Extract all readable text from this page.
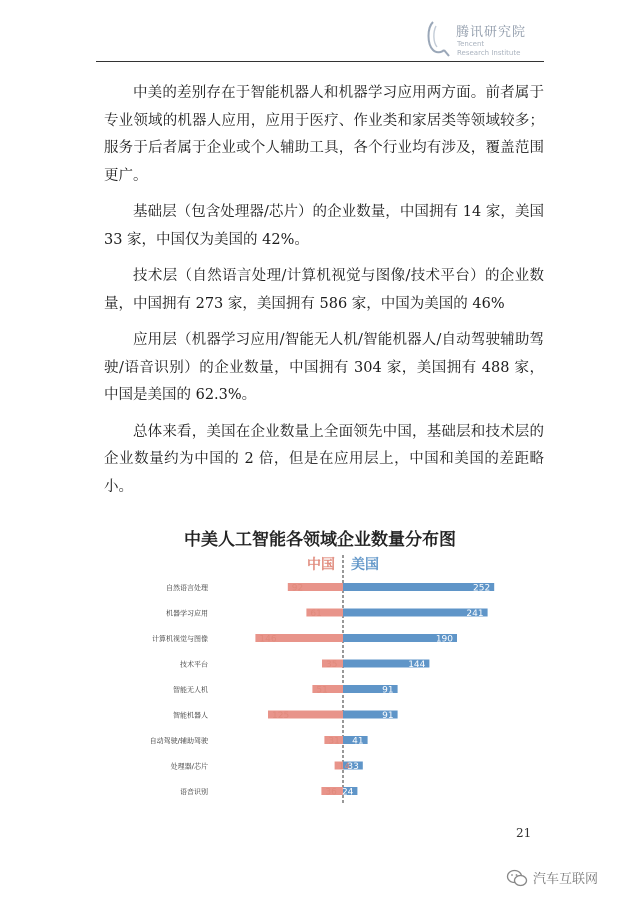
腾讯研究院
Tencent
Research Institute

中美的差别存在于智能机器人和机器学习应用两方面。前者属于专业领域的机器人应用，应用于医疗、作业类和家居类等领域较多；服务于后者属于企业或个人辅助工具，各个行业均有涉及，覆盖范围更广。

基础层（包含处理器/芯片）的企业数量，中国拥有 14 家，美国 33 家，中国仅为美国的 42%。

技术层（自然语言处理/计算机视觉与图像/技术平台）的企业数量，中国拥有 273 家，美国拥有 586 家，中国为美国的 46%

应用层（机器学习应用/智能无人机/智能机器人/自动驾驶辅助驾驶/语音识别）的企业数量，中国拥有 304 家，美国拥有 488 家，中国是美国的 62.3%。

总体来看，美国在企业数量上全面领先中国，基础层和技术层的企业数量约为中国的 2 倍，但是在应用层上，中国和美国的差距略小。

中美人工智能各领域企业数量分布图
中国 美国
92	252
自然语言处理
61	241
机器学习应用
146	190
计算机视觉与图像
35	144
技术平台
51	91
智能无人机
125	91
智能机器人
31 41
自动驾驶/辅助驾驶
14
33
处理器/芯片
36 24
语音识别
21
汽车互联网
